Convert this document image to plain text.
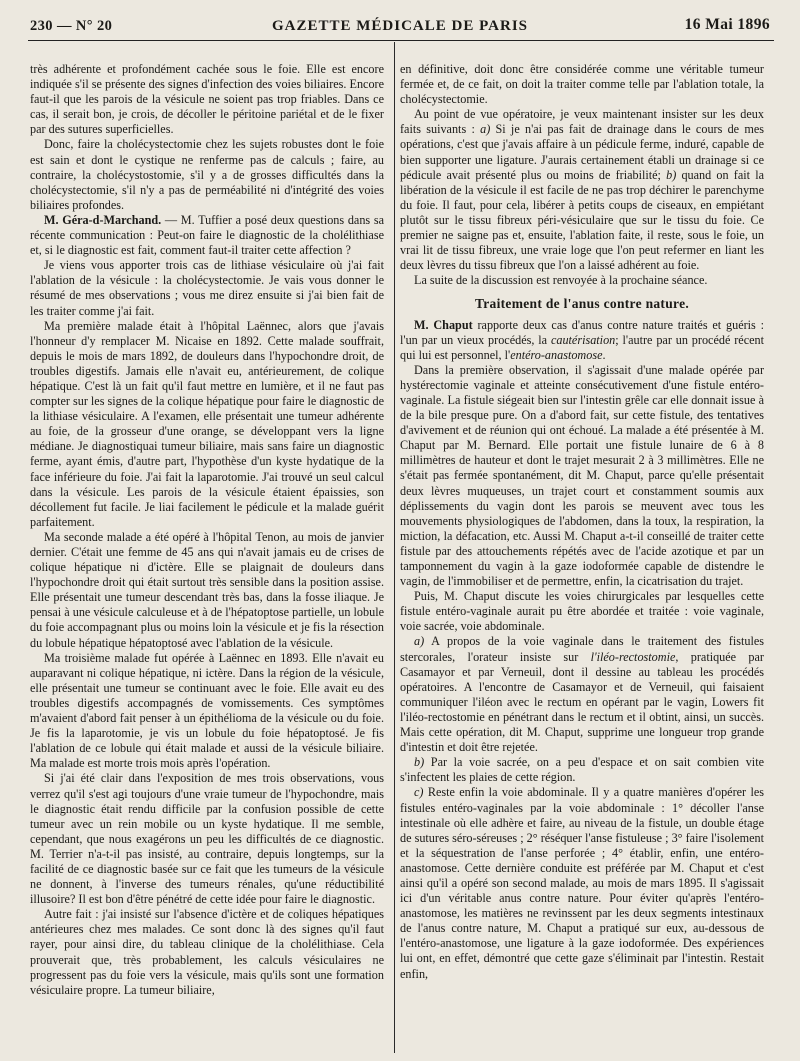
230 — N° 20	GAZETTE MÉDICALE DE PARIS	16 Mai 1896

très adhérente et profondément cachée sous le foie. Elle est encore indiquée s'il se présente des signes d'infection des voies biliaires. Encore faut-il que les parois de la vésicule ne soient pas trop friables. Dans ce cas, il serait bon, je crois, de décoller le péritoine pariétal et de le fixer par des sutures superficielles.

Donc, faire la cholécystectomie chez les sujets robustes dont le foie est sain et dont le cystique ne renferme pas de calculs ; faire, au contraire, la cholécystostomie, s'il y a de grosses difficultés dans la cholécystectomie, s'il n'y a pas de perméabilité ni d'intégrité des voies biliaires profondes.

M. Géra-d-Marchand. — M. Tuffier a posé deux questions dans sa récente communication : Peut-on faire le diagnostic de la cholélithiase et, si le diagnostic est fait, comment faut-il traiter cette affection ?

Je viens vous apporter trois cas de lithiase vésiculaire où j'ai fait l'ablation de la vésicule : la cholécystectomie. Je vais vous donner le résumé de mes observations ; vous me direz ensuite si j'ai bien fait de les traiter comme j'ai fait.

Ma première malade était à l'hôpital Laënnec, alors que j'avais l'honneur d'y remplacer M. Nicaise en 1892. Cette malade souffrait, depuis le mois de mars 1892, de douleurs dans l'hypochondre droit, de troubles digestifs. Jamais elle n'avait eu, antérieurement, de colique hépatique. C'est là un fait qu'il faut mettre en lumière, et il ne faut pas compter sur les signes de la colique hépatique pour faire le diagnostic de la lithiase vésiculaire. A l'examen, elle présentait une tumeur adhérente au foie, de la grosseur d'une orange, se développant vers la ligne médiane. Je diagnostiquai tumeur biliaire, mais sans faire un diagnostic ferme, ayant émis, d'autre part, l'hypothèse d'un kyste hydatique de la face inférieure du foie. J'ai fait la laparotomie. J'ai trouvé un seul calcul dans la vésicule. Les parois de la vésicule étaient épaissies, son décollement fut facile. Je liai facilement le pédicule et la malade guérit parfaitement.

Ma seconde malade a été opéré à l'hôpital Tenon, au mois de janvier dernier. C'était une femme de 45 ans qui n'avait jamais eu de crises de colique hépatique ni d'ictère. Elle se plaignait de douleurs dans l'hypochondre droit qui était surtout très sensible dans la position assise. Elle présentait une tumeur descendant très bas, dans la fosse iliaque. Je pensai à une vésicule calculeuse et à de l'hépatoptose partielle, un lobule du foie accompagnant plus ou moins loin la vésicule et je fis la résection du lobule hépatique hépatoptosé avec l'ablation de la vésicule.

Ma troisième malade fut opérée à Laënnec en 1893. Elle n'avait eu auparavant ni colique hépatique, ni ictère. Dans la région de la vésicule, elle présentait une tumeur se continuant avec le foie. Elle avait eu des troubles digestifs accompagnés de vomissements. Ces symptômes m'avaient d'abord fait penser à un épithélioma de la vésicule ou du foie. Je fis la laparotomie, je vis un lobule du foie hépatoptosé. Je fis l'ablation de ce lobule qui était malade et aussi de la vésicule biliaire. Ma malade est morte trois mois après l'opération.

Si j'ai été clair dans l'exposition de mes trois observations, vous verrez qu'il s'est agi toujours d'une vraie tumeur de l'hypochondre, mais le diagnostic était rendu difficile par la confusion possible de cette tumeur avec un rein mobile ou un kyste hydatique. Il me semble, cependant, que nous exagérons un peu les difficultés de ce diagnostic. M. Terrier n'a-t-il pas insisté, au contraire, depuis longtemps, sur la facilité de ce diagnostic basée sur ce fait que les tumeurs de la vésicule ne donnent, à l'inverse des tumeurs rénales, qu'une réductibilité illusoire? Il est bon d'être pénétré de cette idée pour faire le diagnostic.

Autre fait : j'ai insisté sur l'absence d'ictère et de coliques hépatiques antérieures chez mes malades. Ce sont donc là des signes qu'il faut rayer, pour ainsi dire, du tableau clinique de la cholélithiase. Cela prouverait que, très probablement, les calculs vésiculaires ne progressent pas du foie vers la vésicule, mais qu'ils sont une formation vésiculaire propre. La tumeur biliaire,

en définitive, doit donc être considérée comme une véritable tumeur fermée et, de ce fait, on doit la traiter comme telle par l'ablation totale, la cholécystectomie.

Au point de vue opératoire, je veux maintenant insister sur les deux faits suivants : a) Si je n'ai pas fait de drainage dans le cours de mes opérations, c'est que j'avais affaire à un pédicule ferme, induré, capable de bien supporter une ligature. J'aurais certainement établi un drainage si ce pédicule avait présenté plus ou moins de friabilité; b) quand on fait la libération de la vésicule il est facile de ne pas trop déchirer le parenchyme du foie. Il faut, pour cela, libérer à petits coups de ciseaux, en empiétant plutôt sur le tissu fibreux péri-vésiculaire que sur le tissu du foie. Ce premier ne saigne pas et, ensuite, l'ablation faite, il reste, sous le foie, un vrai lit de tissu fibreux, une vraie loge que l'on peut refermer en liant les deux lèvres du tissu fibreux que l'on a laissé adhérent au foie.

La suite de la discussion est renvoyée à la prochaine séance.

Traitement de l'anus contre nature.

M. Chaput rapporte deux cas d'anus contre nature traités et guéris : l'un par un vieux procédés, la cautérisation; l'autre par un procédé récent qui lui est personnel, l'entéro-anastomose.

Dans la première observation, il s'agissait d'une malade opérée par hystérectomie vaginale et atteinte consécutivement d'une fistule entéro-vaginale. La fistule siégeait bien sur l'intestin grêle car elle donnait issue à de la bile presque pure. On a d'abord fait, sur cette fistule, des tentatives d'avivement et de réunion qui ont échoué. La malade a été présentée à M. Chaput par M. Bernard. Elle portait une fistule lunaire de 6 à 8 millimètres de hauteur et dont le trajet mesurait 2 à 3 millimètres. Elle ne s'était pas fermée spontanément, dit M. Chaput, parce qu'elle présentait deux lèvres muqueuses, un trajet court et constamment soumis aux déplissements du vagin dont les parois se meuvent avec tous les mouvements physiologiques de l'abdomen, dans la toux, la respiration, la miction, la défacation, etc. Aussi M. Chaput a-t-il conseillé de traiter cette fistule par des attouchements répétés avec de l'acide azotique et par un tamponnement du vagin à la gaze iodoformée capable de distendre le vagin, de l'immobiliser et de permettre, enfin, la cicatrisation du trajet.

Puis, M. Chaput discute les voies chirurgicales par lesquelles cette fistule entéro-vaginale aurait pu être abordée et traitée : voie vaginale, voie sacrée, voie abdominale.

a) A propos de la voie vaginale dans le traitement des fistules stercorales, l'orateur insiste sur l'iléo-rectostomie, pratiquée par Casamayor et par Verneuil, dont il dessine au tableau les procédés opératoires. A l'encontre de Casamayor et de Verneuil, qui faisaient communiquer l'iléon avec le rectum en opérant par le vagin, Lowers fit l'iléo-rectostomie en pénétrant dans le rectum et il obtint, ainsi, un succès. Mais cette opération, dit M. Chaput, supprime une longueur trop grande d'intestin et doit être rejetée.

b) Par la voie sacrée, on a peu d'espace et on sait combien vite s'infectent les plaies de cette région.

c) Reste enfin la voie abdominale. Il y a quatre manières d'opérer les fistules entéro-vaginales par la voie abdominale : 1° décoller l'anse intestinale où elle adhère et faire, au niveau de la fistule, un double étage de sutures séro-séreuses ; 2° réséquer l'anse fistuleuse ; 3° faire l'isolement et la séquestration de l'anse perforée ; 4° établir, enfin, une entéro-anastomose. Cette dernière conduite est préférée par M. Chaput et c'est ainsi qu'il a opéré son second malade, au mois de mars 1895. Il s'agissait ici d'un véritable anus contre nature. Pour éviter qu'après l'entéro-anastomose, les matières ne revinssent par les deux segments intestinaux de l'anus contre nature, M. Chaput a pratiqué sur eux, au-dessous de l'entéro-anastomose, une ligature à la gaze iodoformée. Des expériences lui ont, en effet, démontré que cette gaze s'éliminait par l'intestin. Restait enfin,
